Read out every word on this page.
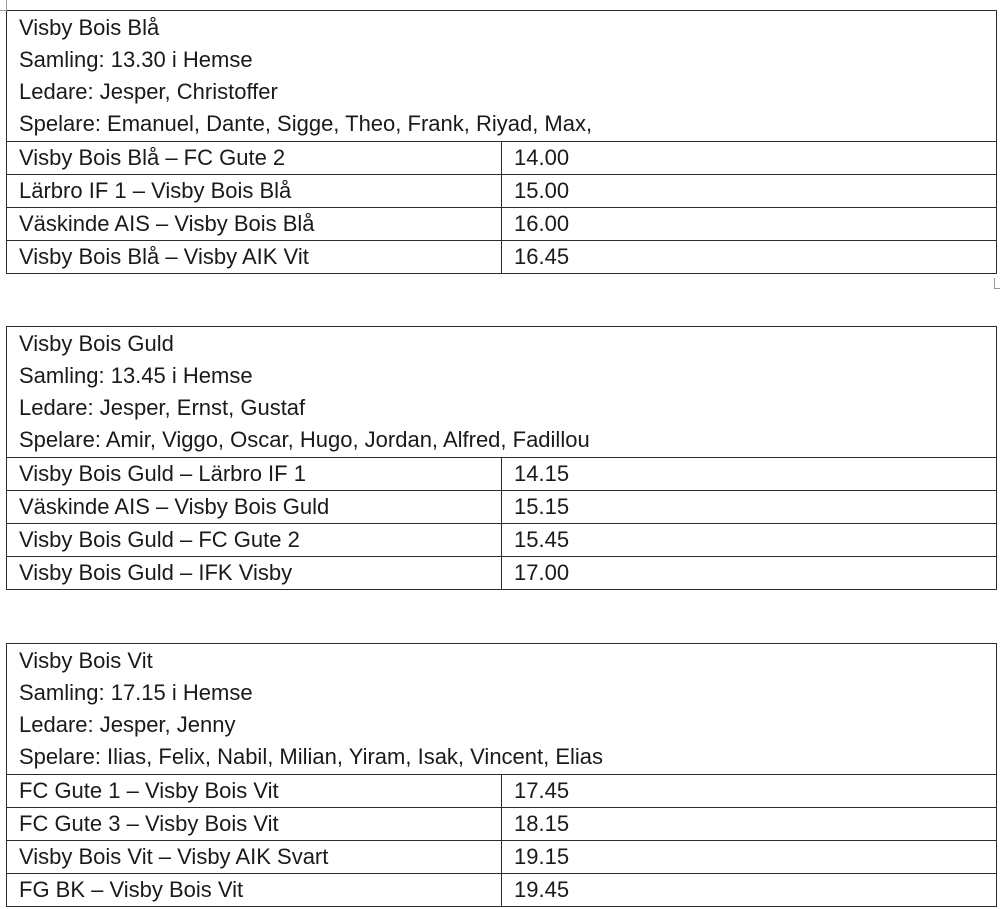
Visby Bois Blå
Samling: 13.30 i Hemse
Ledare: Jesper, Christoffer
Spelare: Emanuel, Dante, Sigge, Theo, Frank, Riyad, Max,	

Visby Bois Blå – FC Gute 2	14.00
Lärbro IF 1 – Visby Bois Blå	15.00
Väskinde AIS – Visby Bois Blå	16.00
Visby Bois Blå – Visby AIK Vit	16.45
Visby Bois Guld
Samling: 13.45 i Hemse
Ledare: Jesper, Ernst, Gustaf
Spelare: Amir, Viggo, Oscar, Hugo, Jordan, Alfred, Fadillou	

Visby Bois Guld – Lärbro IF 1	14.15
Väskinde AIS – Visby Bois Guld	15.15
Visby Bois Guld – FC Gute 2	15.45
Visby Bois Guld – IFK Visby	17.00
Visby Bois Vit
Samling: 17.15 i Hemse
Ledare: Jesper, Jenny
Spelare: Ilias, Felix, Nabil, Milian, Yiram, Isak, Vincent, Elias	

FC Gute 1 – Visby Bois Vit	17.45
FC Gute 3 – Visby Bois Vit	18.15
Visby Bois Vit – Visby AIK Svart	19.15
FG BK – Visby Bois Vit	19.45
